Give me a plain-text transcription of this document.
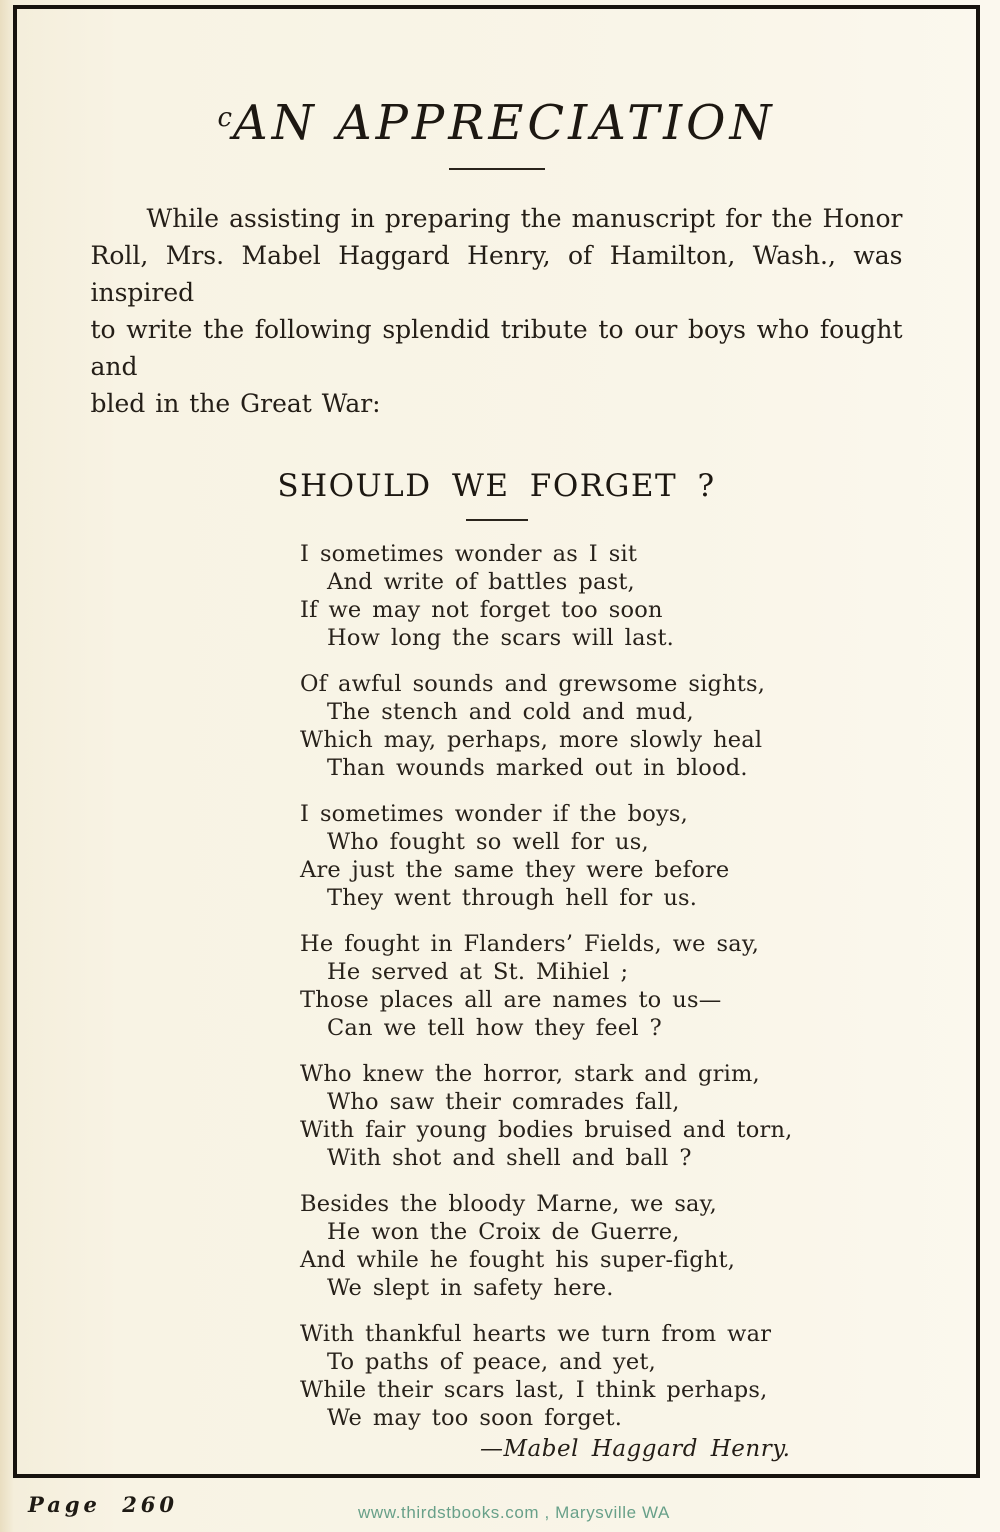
cAN APPRECIATION
While assisting in preparing the manuscript for the Honor
Roll, Mrs. Mabel Haggard Henry, of Hamilton, Wash., was inspired
to write the following splendid tribute to our boys who fought and
bled in the Great War:
SHOULD WE FORGET ?
I sometimes wonder as I sit
And write of battles past,
If we may not forget too soon
How long the scars will last.
Of awful sounds and grewsome sights,
The stench and cold and mud,
Which may, perhaps, more slowly heal
Than wounds marked out in blood.
I sometimes wonder if the boys,
Who fought so well for us,
Are just the same they were before
They went through hell for us.
He fought in Flanders’ Fields, we say,
He served at St. Mihiel ;
Those places all are names to us—
Can we tell how they feel ?
Who knew the horror, stark and grim,
Who saw their comrades fall,
With fair young bodies bruised and torn,
With shot and shell and ball ?
Besides the bloody Marne, we say,
He won the Croix de Guerre,
And while he fought his super-fight,
We slept in safety here.
With thankful hearts we turn from war
To paths of peace, and yet,
While their scars last, I think perhaps,
We may too soon forget.
—Mabel Haggard Henry.
Page 260	www.thirdstbooks.com , Marysville WA
